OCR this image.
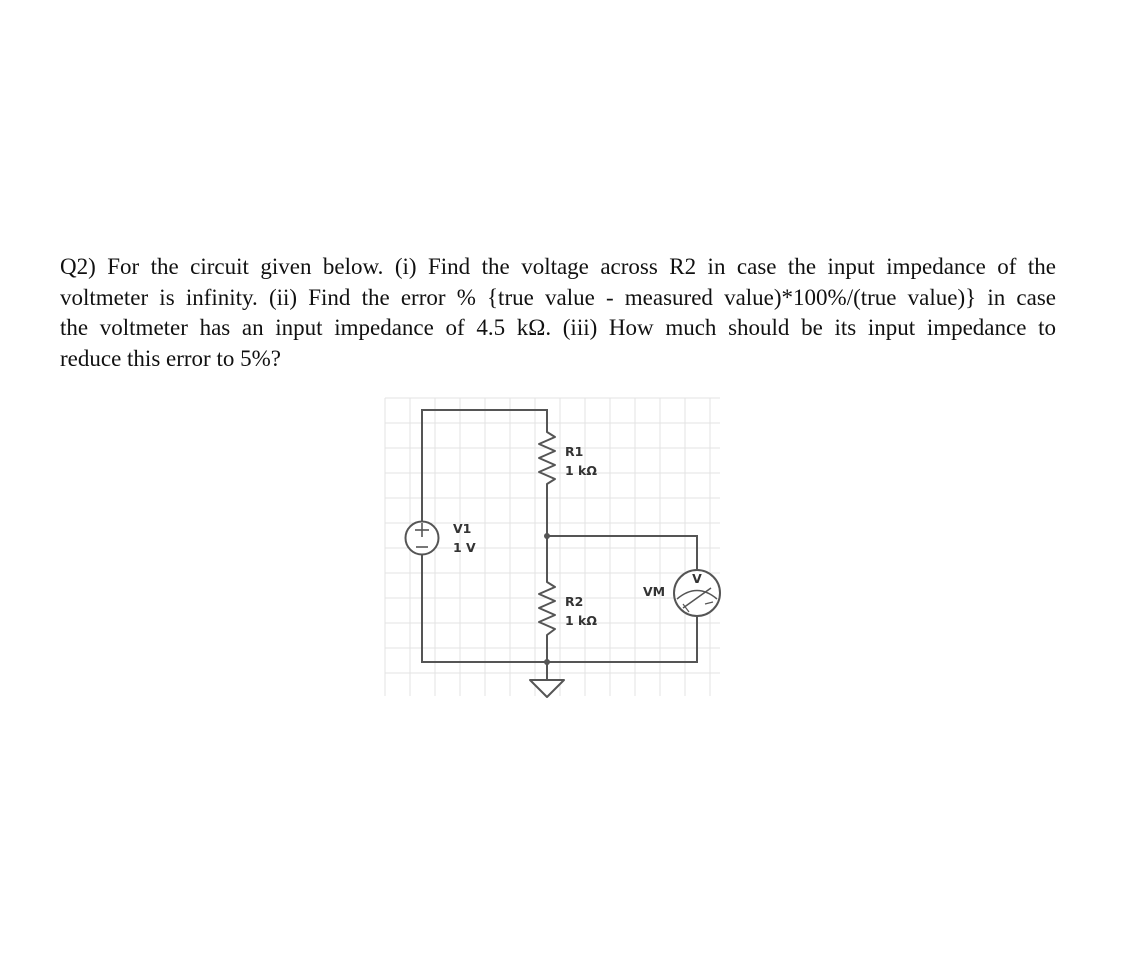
Q2) For the circuit given below. (i) Find the voltage across R2 in case the input impedance of the
voltmeter is infinity. (ii) Find the error % {true value - measured value)*100%/(true value)} in case
the voltmeter has an input impedance of 4.5 kΩ. (iii) How much should be its input impedance to
reduce this error to 5%?
R1
1 kΩ
R2
1 kΩ
V1
1 V
V
VM
